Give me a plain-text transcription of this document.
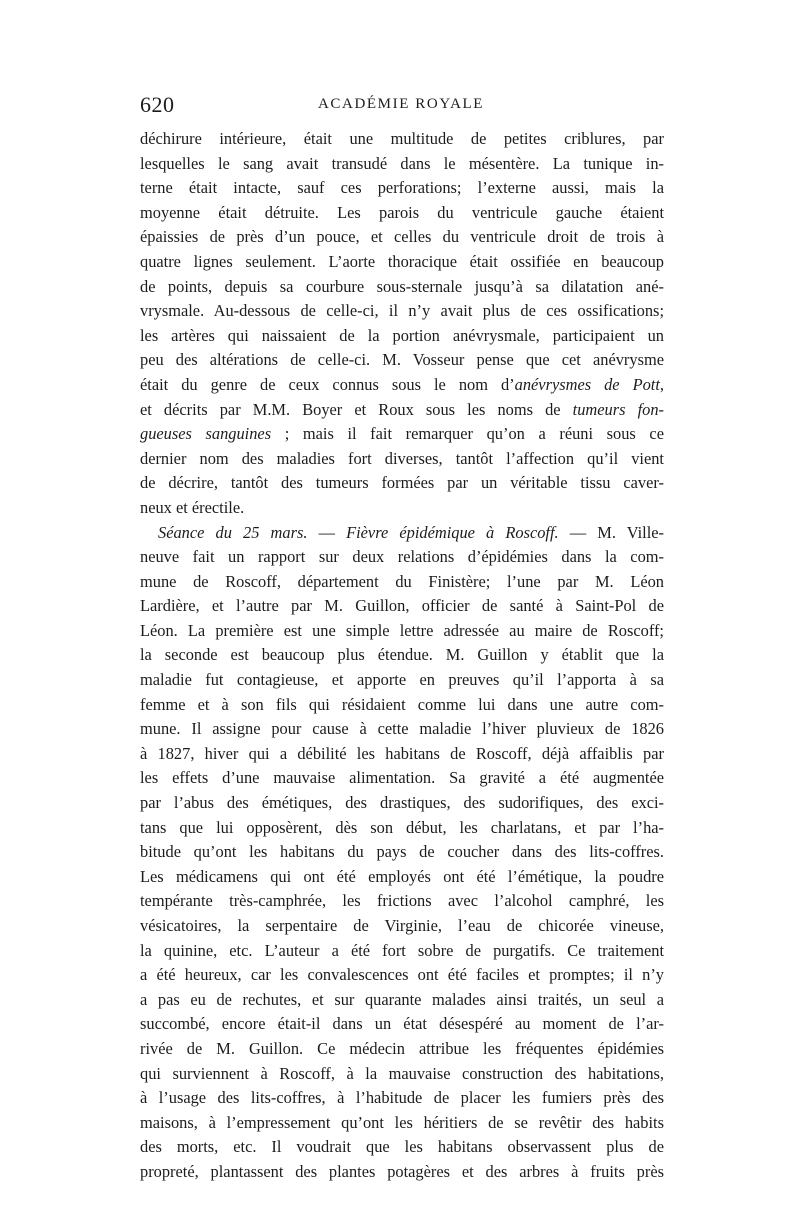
620	ACADÉMIE ROYALE
déchirure intérieure, était une multitude de petites criblures, par
lesquelles le sang avait transudé dans le mésentère. La tunique in-
terne était intacte, sauf ces perforations; l’externe aussi, mais la
moyenne était détruite. Les parois du ventricule gauche étaient
épaissies de près d’un pouce, et celles du ventricule droit de trois à
quatre lignes seulement. L’aorte thoracique était ossifiée en beaucoup
de points, depuis sa courbure sous-sternale jusqu’à sa dilatation ané-
vrysmale. Au-dessous de celle-ci, il n’y avait plus de ces ossifications;
les artères qui naissaient de la portion anévrysmale, participaient un
peu des altérations de celle-ci. M. Vosseur pense que cet anévrysme
était du genre de ceux connus sous le nom d’anévrysmes de Pott,
et décrits par M.M. Boyer et Roux sous les noms de tumeurs fon-
gueuses sanguines ; mais il fait remarquer qu’on a réuni sous ce
dernier nom des maladies fort diverses, tantôt l’affection qu’il vient
de décrire, tantôt des tumeurs formées par un véritable tissu caver-
neux et érectile.
Séance du 25 mars. — Fièvre épidémique à Roscoff. — M. Ville-
neuve fait un rapport sur deux relations d’épidémies dans la com-
mune de Roscoff, département du Finistère; l’une par M. Léon
Lardière, et l’autre par M. Guillon, officier de santé à Saint-Pol de
Léon. La première est une simple lettre adressée au maire de Roscoff;
la seconde est beaucoup plus étendue. M. Guillon y établit que la
maladie fut contagieuse, et apporte en preuves qu’il l’apporta à sa
femme et à son fils qui résidaient comme lui dans une autre com-
mune. Il assigne pour cause à cette maladie l’hiver pluvieux de 1826
à 1827, hiver qui a débilité les habitans de Roscoff, déjà affaiblis par
les effets d’une mauvaise alimentation. Sa gravité a été augmentée
par l’abus des émétiques, des drastiques, des sudorifiques, des exci-
tans que lui opposèrent, dès son début, les charlatans, et par l’ha-
bitude qu’ont les habitans du pays de coucher dans des lits-coffres.
Les médicamens qui ont été employés ont été l’émétique, la poudre
tempérante très-camphrée, les frictions avec l’alcohol camphré, les
vésicatoires, la serpentaire de Virginie, l’eau de chicorée vineuse,
la quinine, etc. L’auteur a été fort sobre de purgatifs. Ce traitement
a été heureux, car les convalescences ont été faciles et promptes; il n’y
a pas eu de rechutes, et sur quarante malades ainsi traités, un seul a
succombé, encore était-il dans un état désespéré au moment de l’ar-
rivée de M. Guillon. Ce médecin attribue les fréquentes épidémies
qui surviennent à Roscoff, à la mauvaise construction des habitations,
à l’usage des lits-coffres, à l’habitude de placer les fumiers près des
maisons, à l’empressement qu’ont les héritiers de se revêtir des habits
des morts, etc. Il voudrait que les habitans observassent plus de
propreté, plantassent des plantes potagères et des arbres à fruits près
